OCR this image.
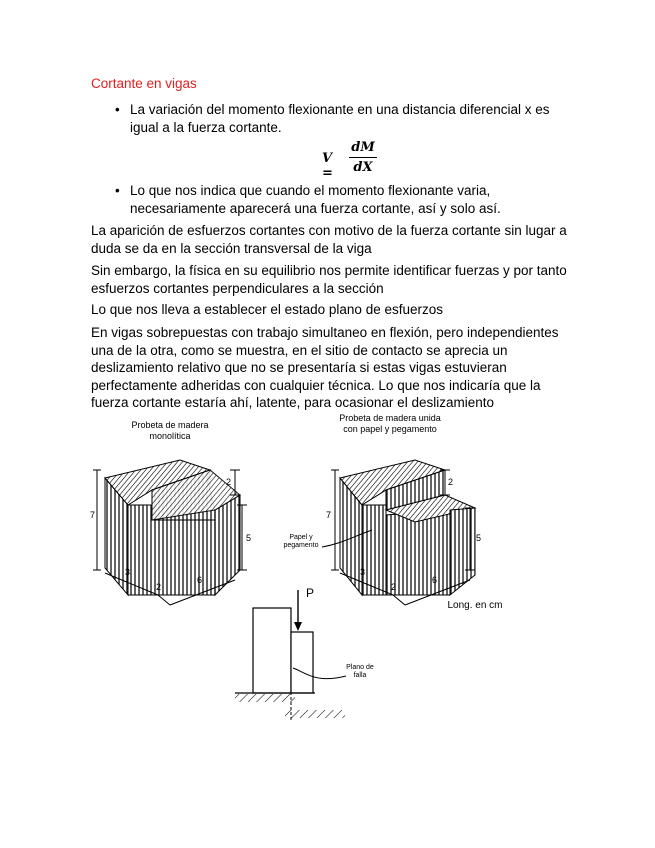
Cortante en vigas
• La variación del momento flexionante en una distancia diferencial x es igual a la fuerza cortante.
V =
dM
dX
• Lo que nos indica que cuando el momento flexionante varia, necesariamente aparecerá una fuerza cortante, así y solo así.
La aparición de esfuerzos cortantes con motivo de la fuerza cortante sin lugar a duda se da en la sección transversal de la viga
Sin embargo, la física en su equilibrio nos permite identificar fuerzas y por tanto esfuerzos cortantes perpendiculares a la sección
Lo que nos lleva a establecer el estado plano de esfuerzos
En vigas sobrepuestas con trabajo simultaneo en flexión, pero independientes una de la otra, como se muestra, en el sitio de contacto se aprecia un deslizamiento relativo que no se presentaría si estas vigas estuvieran perfectamente adheridas con cualquier técnica. Lo que nos indicaría que la fuerza cortante estaría ahí, latente, para ocasionar el deslizamiento
Probeta de madera monolítica
Probeta de madera unida con papel y pegamento
Papel y pegamento
Long. en cm
P
Plano de falla
7
2
5
3
2
6
7
2
5
3
2
6
